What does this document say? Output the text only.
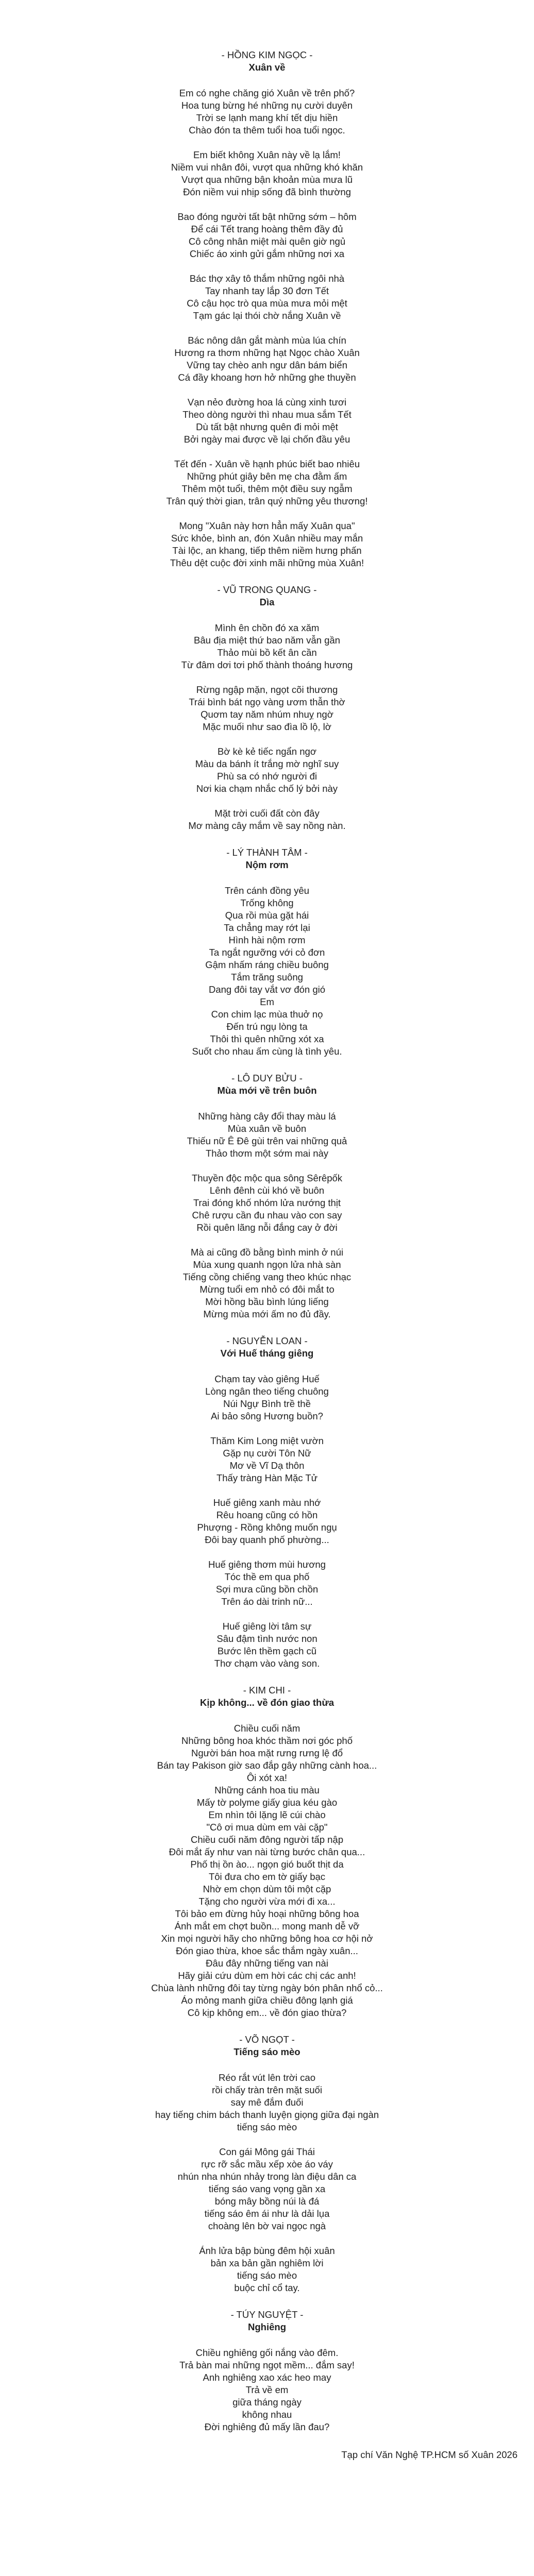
- HỒNG KIM NGỌC -
Xuân về
Em có nghe chăng gió Xuân về trên phố?
Hoa tung bừng hé những nụ cười duyên
Trời se lạnh mang khí tết dịu hiền
Chào đón ta thêm tuổi hoa tuổi ngọc.
Em biết không Xuân này về lạ lắm!
Niềm vui nhân đôi, vượt qua những khó khăn
Vượt qua những bận khoản mùa mưa lũ
Đón niềm vui nhịp sống đã bình thường
Bao đóng người tất bật những sớm – hôm
Để cái Tết trang hoàng thêm đầy đủ
Cô công nhân miệt mài quên giờ ngủ
Chiếc áo xinh gửi gắm những nơi xa
Bác thợ xây tô thắm những ngôi nhà
Tay nhanh tay lắp 30 đơn Tết
Cô cậu học trò qua mùa mưa mỏi mệt
Tạm gác lại thói chờ nắng Xuân về
Bác nông dân gắt mành mùa lúa chín
Hương ra thơm những hạt Ngọc chào Xuân
Vững tay chèo anh ngư dân bám biển
Cá đầy khoang hơn hở những ghe thuyền
Vạn nẻo đường hoa lá cùng xinh tươi
Theo dòng người thì nhau mua sắm Tết
Dù tất bật nhưng quên đi mỏi mệt
Bởi ngày mai được về lại chốn đầu yêu
Tết đến - Xuân về hạnh phúc biết bao nhiêu
Những phút giây bên mẹ cha đằm ấm
Thêm một tuổi, thêm một điều suy ngẫm
Trân quý thời gian, trân quý những yêu thương!
Mong "Xuân này hơn hẳn mấy Xuân qua"
Sức khỏe, bình an, đón Xuân nhiều may mắn
Tài lộc, an khang, tiếp thêm niềm hưng phấn
Thêu dệt cuộc đời xinh mãi những mùa Xuân!
- VŨ TRONG QUANG -
Dìa
Mình ên chồn đó xa xăm
Bâu địa miệt thứ bao năm vẫn gần
Thảo mùi bồ kết ân cần
Từ đâm dơi tơi phố thành thoáng hương
Rừng ngập mặn, ngọt cõi thương
Trái bình bát ngọ vàng ươm thẫn thờ
Quơm tay năm nhúm nhuỵ ngờ
Mặc muối như sao đìa lồ lộ, lờ
Bờ kè kẻ tiếc ngẩn ngơ
Màu da bánh ít trắng mờ nghĩ suy
Phù sa có nhớ người đi
Nơi kia chạm nhắc chố lý bởi này
Mặt trời cuối đất còn đây
Mơ màng cây mắm về say nồng nàn.
- LÝ THÀNH TÂM -
Nộm rơm
Trên cánh đồng yêu
Trống không
Qua rồi mùa gặt hái
Ta chẳng may rớt lại
Hình hài nộm rơm
Ta ngắt ngưỡng với cỏ đơn
Gậm nhấm ráng chiều buông
Tắm trăng suông
Dang đôi tay vắt vơ đón gió
Em
Con chim lạc mùa thuở nọ
Đến trú ngụ lòng ta
Thôi thì quên những xót xa
Suốt cho nhau ấm cùng là tình yêu.
- LÔ DUY BỬU -
Mùa mới về trên buôn
Những hàng cây đổi thay màu lá
Mùa xuân về buôn
Thiếu nữ Ê Đê gùi trên vai những quả
Thảo thơm một sớm mai này
Thuyền độc mộc qua sông Sêrêpốk
Lênh đênh cùi khó về buôn
Trai đóng khố nhóm lửa nướng thịt
Chê rượu cần đu nhau vào con say
Rồi quên lãng nỗi đắng cay ở đời
Mà ai cũng đồ bằng bình minh ở núi
Mùa xung quanh ngọn lửa nhà sàn
Tiếng cồng chiếng vang theo khúc nhạc
Mừng tuổi em nhỏ có đôi mắt to
Mời hồng bầu bình lúng liếng
Mừng mùa mới ấm no đủ đầy.
- NGUYỄN LOAN -
Với Huế tháng giêng
Chạm tay vào giêng Huế
Lòng ngân theo tiếng chuông
Núi Ngự Bình trề thề
Ai bảo sông Hương buồn?
Thăm Kim Long miệt vườn
Gặp nụ cười Tôn Nữ
Mơ về Vĩ Dạ thôn
Thấy tràng Hàn Mặc Tử
Huế giêng xanh màu nhớ
Rêu hoang cũng có hồn
Phượng - Rồng không muốn ngụ
Đôi bay quanh phố phường...
Huế giêng thơm mùi hương
Tóc thề em qua phố
Sợi mưa cũng bồn chồn
Trên áo dài trinh nữ...
Huế giêng lời tâm sự
Sâu đậm tình nước non
Bước lên thềm gạch cũ
Thơ chạm vào vàng son.
- KIM CHI -
Kịp không... về đón giao thừa
Chiều cuối năm
Những bông hoa khóc thầm nơi góc phố
Người bán hoa mặt rưng rưng lệ đổ
Bán tay Pakison giờ sao đắp gây những cành hoa...
Ôi xót xa!
Những cánh hoa tiu màu
Mấy tờ polyme giấy giua kéu gào
Em nhìn tôi lặng lẽ cúi chào
"Cô ơi mua dùm em vài cặp"
Chiều cuối năm đông người tấp nập
Đôi mắt ấy như van nài từng bước chân qua...
Phố thị ồn ào... ngọn gió buốt thịt da
Tôi đưa cho em tờ giấy bạc
Nhờ em chọn dùm tôi một cặp
Tặng cho người vừa mới đi xa...
Tôi bảo em đừng hủy hoại những bông hoa
Ánh mắt em chợt buồn... mong manh dễ vỡ
Xin mọi người hãy cho những bông hoa cơ hội nở
Đón giao thừa, khoe sắc thắm ngày xuân...
Đâu đây những tiếng van nài
Hãy giải cứu dùm em hời các chị các anh!
Chùa lành những đôi tay từng ngày bón phân nhổ cỏ...
Áo mỏng manh giữa chiều đông lạnh giá
Cô kịp không em... về đón giao thừa?
- VÕ NGỌT -
Tiếng sáo mèo
Réo rắt vút lên trời cao
rồi chấy tràn trên mặt suối
say mê đắm đuối
hay tiếng chim bách thanh luyện giọng giữa đại ngàn
tiếng sáo mèo
Con gái Mông gái Thái
rực rỡ sắc mầu xếp xòe áo váy
nhún nha nhún nhảy trong làn điệu dân ca
tiếng sáo vang vọng gần xa
bóng mây bồng núi là đá
tiếng sáo êm ái như là dải lụa
choàng lên bờ vai ngọc ngà
Ánh lửa bập bùng đêm hội xuân
bản xa bản gần nghiêm lời
tiếng sáo mèo
buộc chỉ cổ tay.
- TÚY NGUYỆT -
Nghiêng
Chiều nghiêng gối nắng vào đêm.
Trả bàn mai những ngọt mềm... đắm say!
Anh nghiêng xao xác heo may
Trả về em
giữa tháng ngày
không nhau
Đời nghiêng đủ mấy lần đau?
Tạp chí Văn Nghệ TP.HCM số Xuân 2026
